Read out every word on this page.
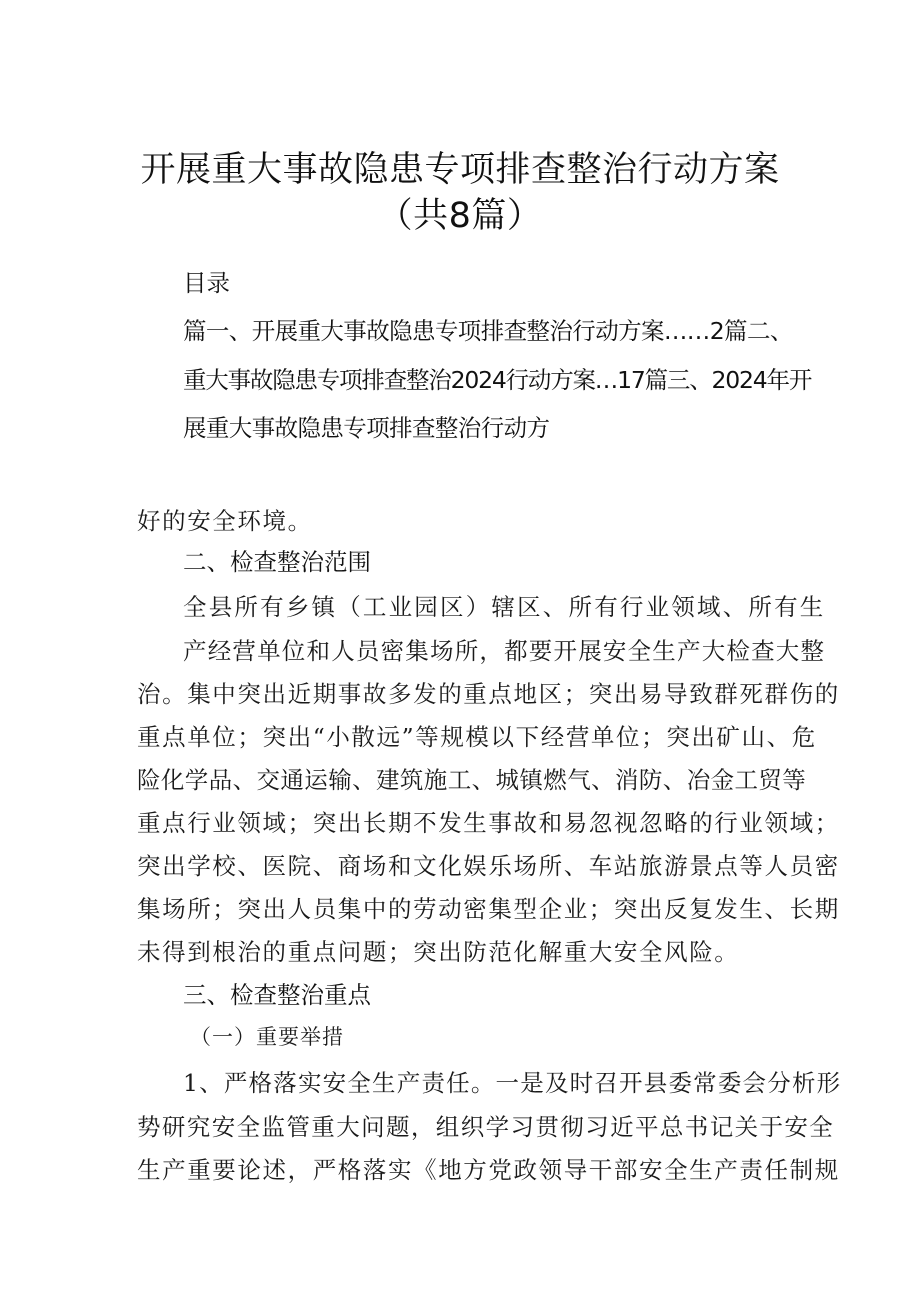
开展重大事故隐患专项排查整治行动方案
（共8篇）
目录
篇一、开展重大事故隐患专项排查整治行动方案……2篇二、
重大事故隐患专项排查整治2024行动方案…17篇三、2024年开
展重大事故隐患专项排查整治行动方
好的安全环境。
二、检查整治范围
全县所有乡镇（工业园区）辖区、所有行业领域、所有生
产经营单位和人员密集场所，都要开展安全生产大检查大整
治。集中突出近期事故多发的重点地区；突出易导致群死群伤的
重点单位；突出“小散远”等规模以下经营单位；突出矿山、危
险化学品、交通运输、建筑施工、城镇燃气、消防、冶金工贸等
重点行业领域；突出长期不发生事故和易忽视忽略的行业领域；
突出学校、医院、商场和文化娱乐场所、车站旅游景点等人员密
集场所；突出人员集中的劳动密集型企业；突出反复发生、长期
未得到根治的重点问题；突出防范化解重大安全风险。
三、检查整治重点
（一）重要举措
1、严格落实安全生产责任。一是及时召开县委常委会分析形
势研究安全监管重大问题，组织学习贯彻习近平总书记关于安全
生产重要论述，严格落实《地方党政领导干部安全生产责任制规
